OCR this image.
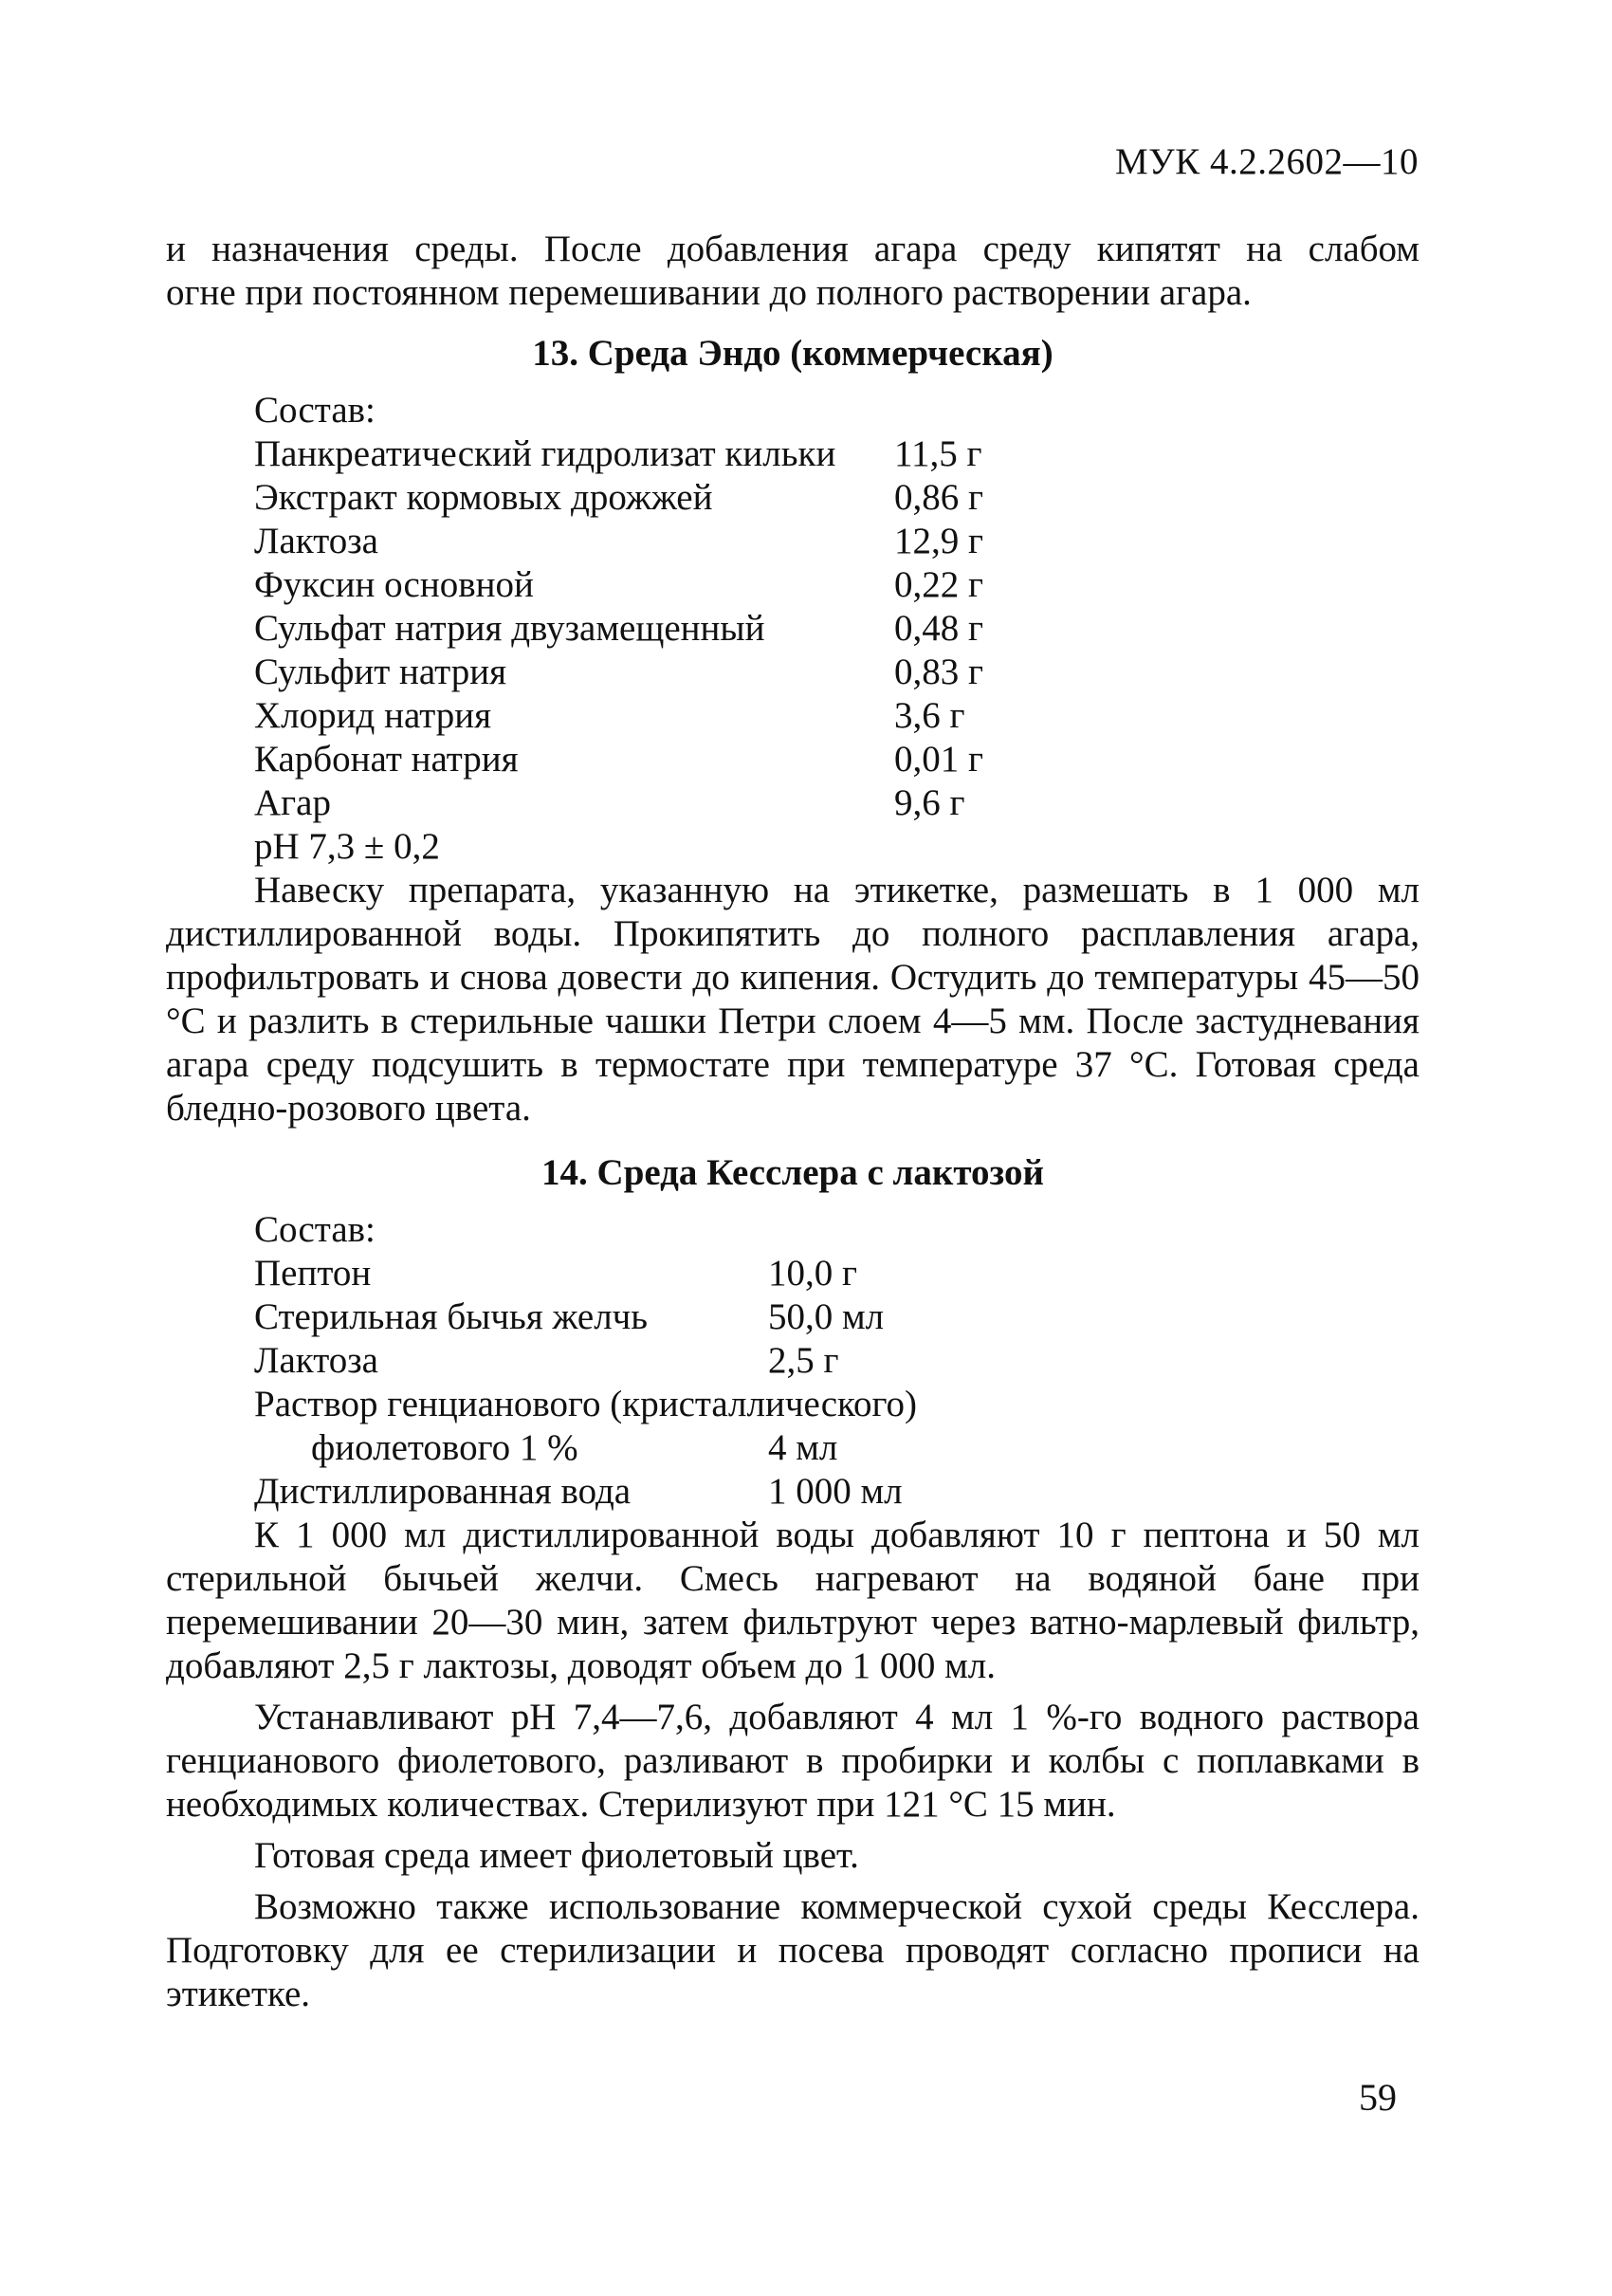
МУК 4.2.2602—10

и назначения среды. После добавления агара среду кипятят на слабом

огне при постоянном перемешивании до полного растворении агара.

13. Среда Эндо (коммерческая)
Состав:
Панкреатический гидролизат кильки	11,5 г
Экстракт кормовых дрожжей	0,86 г
Лактоза	12,9 г
Фуксин основной	0,22 г
Сульфат натрия двузамещенный	0,48 г
Сульфит натрия	0,83 г
Хлорид натрия	3,6 г
Карбонат натрия	0,01 г
Агар	9,6 г
pH 7,3 ± 0,2

Навеску препарата, указанную на этикетке, размешать в 1 000 мл дистиллированной воды. Прокипятить до полного расплавления агара, профильтровать и снова довести до кипения. Остудить до температуры 45—50 °С и разлить в стерильные чашки Петри слоем 4—5 мм. После застудневания агара среду подсушить в термостате при температуре 37 °С. Готовая среда бледно-розового цвета.

14. Среда Кесслера с лактозой
Состав:
Пептон	10,0 г
Стерильная бычья желчь	50,0 мл
Лактоза	2,5 г
Раствор генцианового (кристаллического)
фиолетового 1 %	4 мл
Дистиллированная вода	1 000 мл

К 1 000 мл дистиллированной воды добавляют 10 г пептона и 50 мл стерильной бычьей желчи. Смесь нагревают на водяной бане при перемешивании 20—30 мин, затем фильтруют через ватно-марлевый фильтр, добавляют 2,5 г лактозы, доводят объем до 1 000 мл.

Устанавливают pH 7,4—7,6, добавляют 4 мл 1 %-го водного раствора генцианового фиолетового, разливают в пробирки и колбы с поплавками в необходимых количествах. Стерилизуют при 121 °С 15 мин.

Готовая среда имеет фиолетовый цвет.

Возможно также использование коммерческой сухой среды Кесслера. Подготовку для ее стерилизации и посева проводят согласно прописи на этикетке.

59
